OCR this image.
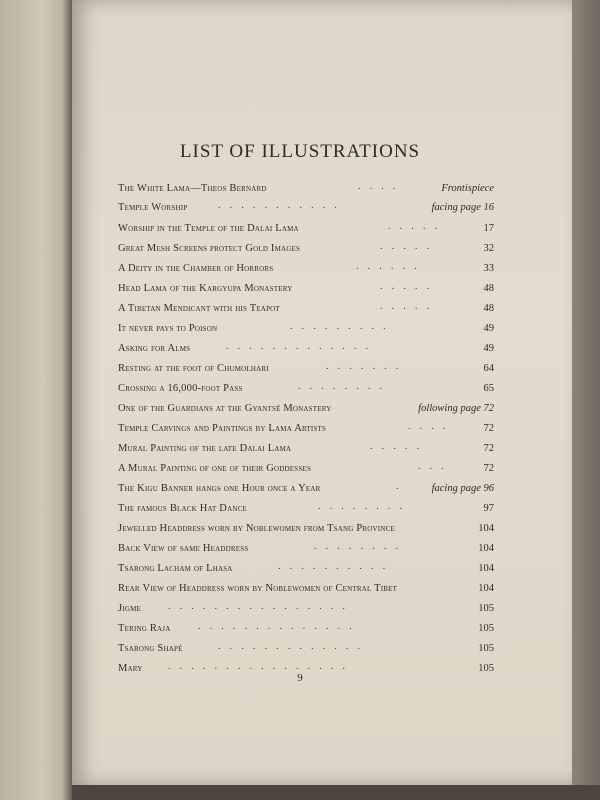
LIST OF ILLUSTRATIONS
The White Lama—Theos Bernard	....	Frontispiece
Temple Worship	...........	facing page 16
Worship in the Temple of the Dalai Lama	.....	17
Great Mesh Screens protect Gold Images	.....	32
A Deity in the Chamber of Horrors	......	33
Head Lama of the Kargyupa Monastery	.....	48
A Tibetan Mendicant with his Teapot	.....	48
It never pays to Poison	.........	49
Asking for Alms	.............	49
Resting at the foot of Chumolhari	.......	64
Crossing a 16,000-foot Pass	........	65
One of the Guardians at the Gyantsé Monastery	following page 72
Temple Carvings and Paintings by Lama Artists	....	72
Mural Painting of the late Dalai Lama	.....	72
A Mural Painting of one of their Goddesses	...	72
The Kigu Banner hangs one Hour once a Year	. facing page 96
The famous Black Hat Dance	........	97
Jewelled Headdress worn by Noblewomen from Tsang Province	104
Back View of same Headdress	........	104
Tsarong Lacham of Lhasa	..........	104
Rear View of Headdress worn by Noblewomen of Central Tibet	104
Jigme	................	105
Tering Raja	..............	105
Tsarong Shapé	.............	105
Mary ................	105
9
